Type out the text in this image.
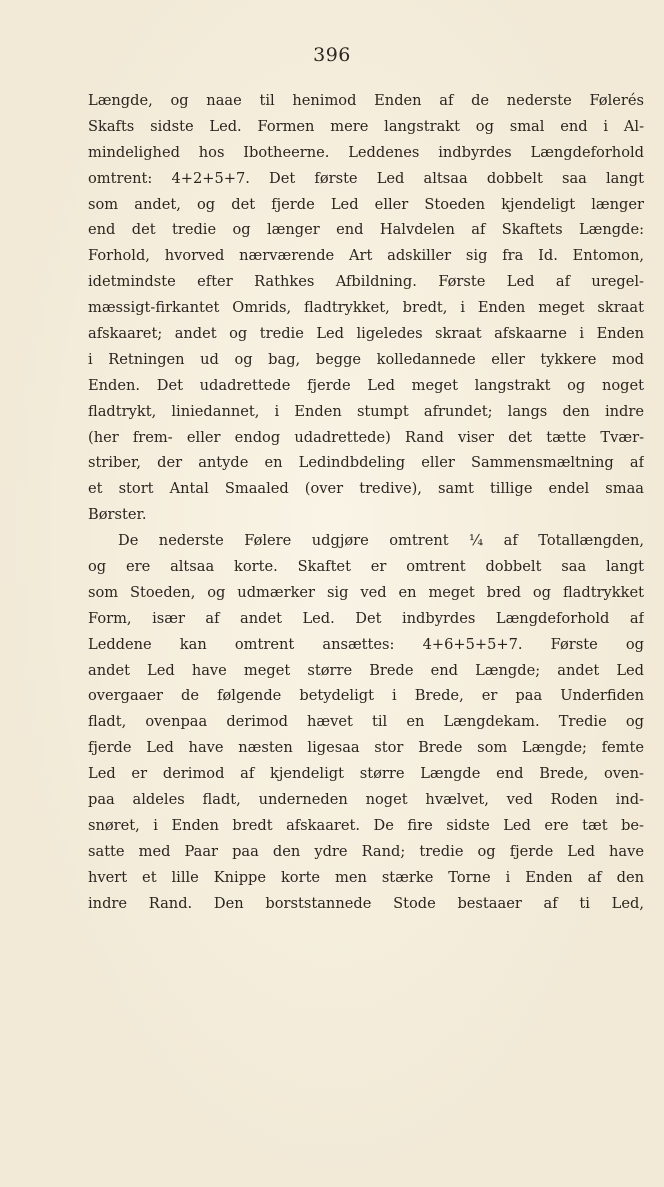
396
Længde, og naae til henimod Enden af de nederste Følerés
Skafts sidste Led. Formen mere langstrakt og smal end i Al-
mindelighed hos Ibotheerne. Leddenes indbyrdes Længdeforhold
omtrent: 4+2+5+7. Det første Led altsaa dobbelt saa langt
som andet, og det fjerde Led eller Stoeden kjendeligt længer
end det tredie og længer end Halvdelen af Skaftets Længde:
Forhold, hvorved nærværende Art adskiller sig fra Id. Entomon,
idetmindste efter Rathkes Afbildning. Første Led af uregel-
mæssigt-firkantet Omrids, fladtrykket, bredt, i Enden meget skraat
afskaaret; andet og tredie Led ligeledes skraat afskaarne i Enden
i Retningen ud og bag, begge kolledannede eller tykkere mod
Enden. Det udadrettede fjerde Led meget langstrakt og noget
fladtrykt, liniedannet, i Enden stumpt afrundet; langs den indre
(her frem- eller endog udadrettede) Rand viser det tætte Tvær-
striber, der antyde en Ledindbdeling eller Sammensmæltning af
et stort Antal Smaaled (over tredive), samt tillige endel smaa
Børster.
De nederste Følere udgjøre omtrent ¼ af Totallængden,
og ere altsaa korte. Skaftet er omtrent dobbelt saa langt
som Stoeden, og udmærker sig ved en meget bred og fladtrykket
Form, især af andet Led. Det indbyrdes Længdeforhold af
Leddene kan omtrent ansættes: 4+6+5+5+7. Første og
andet Led have meget større Brede end Længde; andet Led
overgaaer de følgende betydeligt i Brede, er paa Underfiden
fladt, ovenpaa derimod hævet til en Længdekam. Tredie og
fjerde Led have næsten ligesaa stor Brede som Længde; femte
Led er derimod af kjendeligt større Længde end Brede, oven-
paa aldeles fladt, underneden noget hvælvet, ved Roden ind-
snøret, i Enden bredt afskaaret. De fire sidste Led ere tæt be-
satte med Paar paa den ydre Rand; tredie og fjerde Led have
hvert et lille Knippe korte men stærke Torne i Enden af den
indre Rand. Den borststannede Stode bestaaer af ti Led,
